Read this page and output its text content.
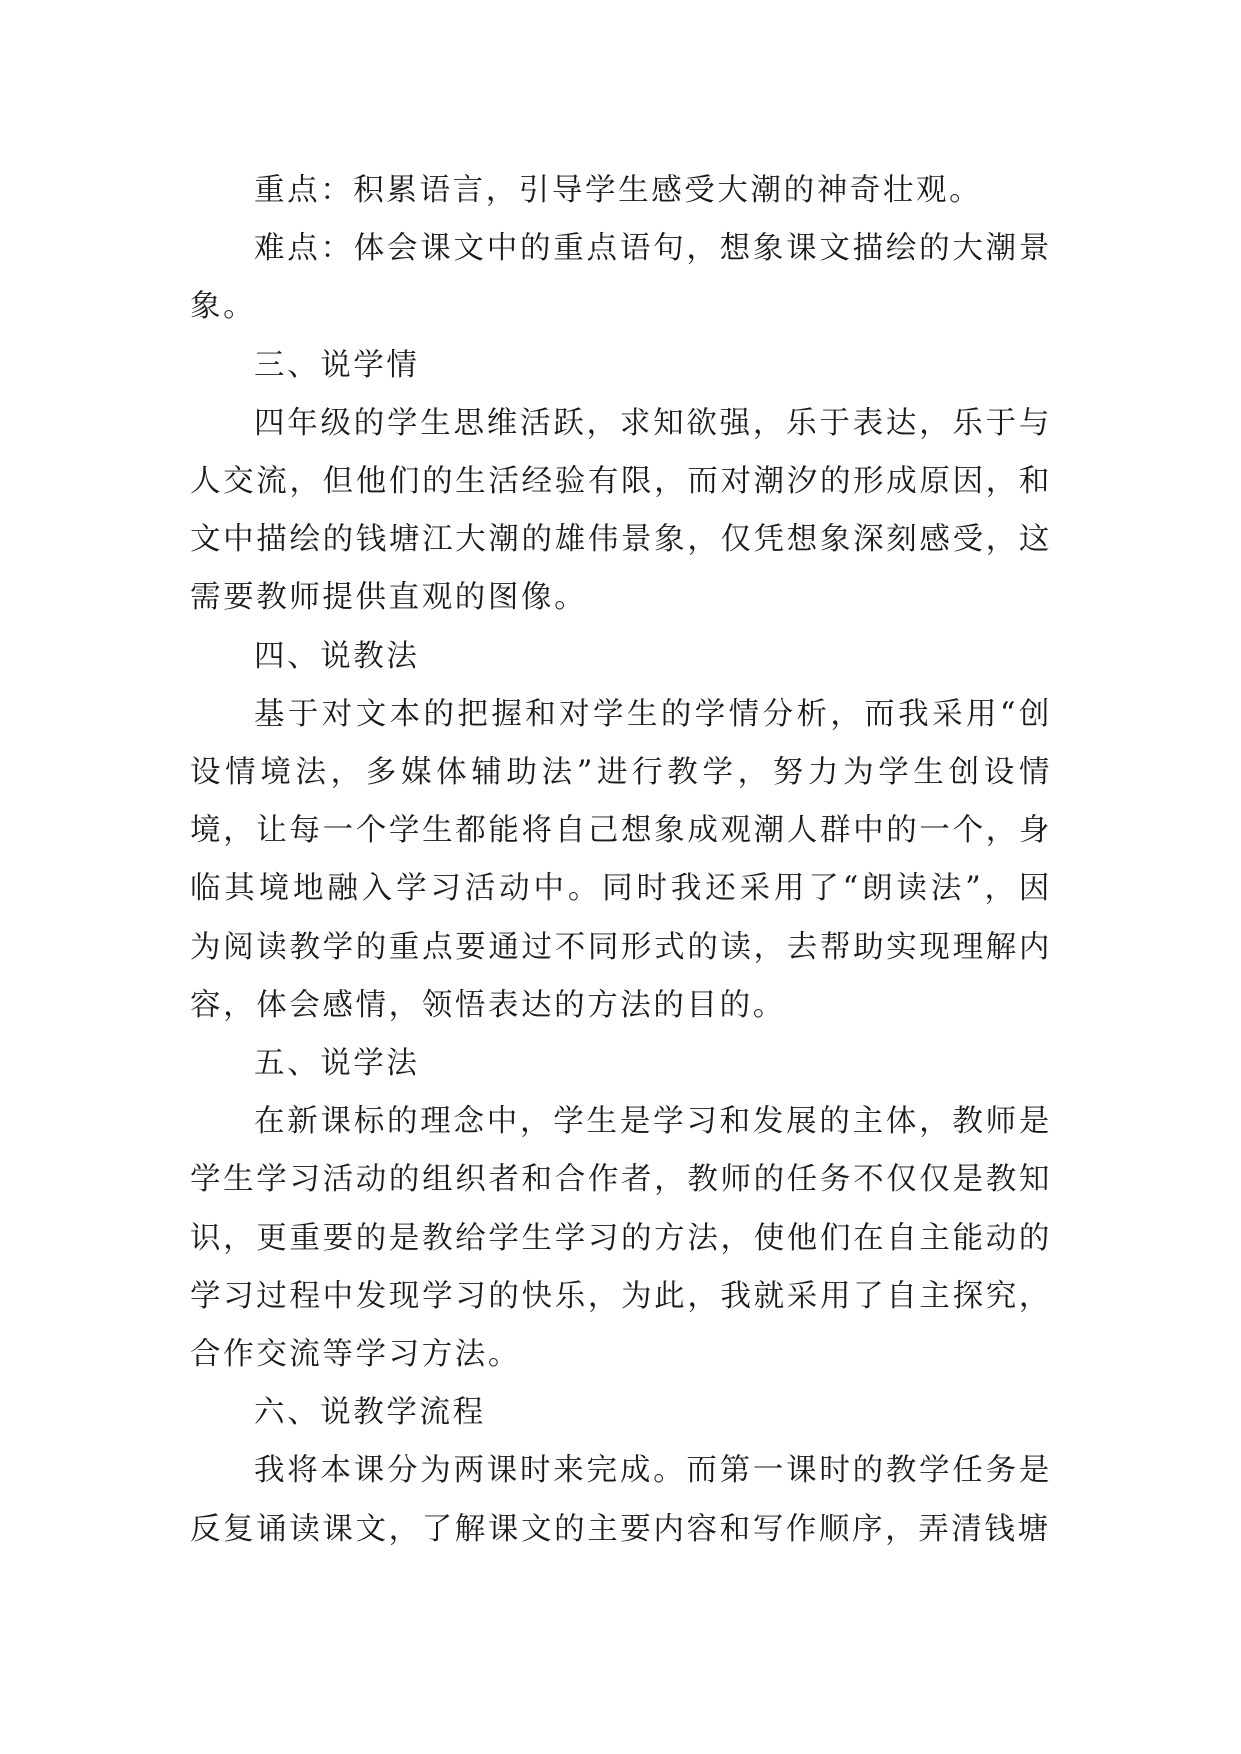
重点：积累语言，引导学生感受大潮的神奇壮观。

难点：体会课文中的重点语句，想象课文描绘的大潮景象。

三、说学情

四年级的学生思维活跃，求知欲强，乐于表达，乐于与人交流，但他们的生活经验有限，而对潮汐的形成原因，和文中描绘的钱塘江大潮的雄伟景象，仅凭想象深刻感受，这需要教师提供直观的图像。

四、说教法

基于对文本的把握和对学生的学情分析，而我采用“创设情境法，多媒体辅助法”进行教学，努力为学生创设情境，让每一个学生都能将自己想象成观潮人群中的一个，身临其境地融入学习活动中。同时我还采用了“朗读法”，因为阅读教学的重点要通过不同形式的读，去帮助实现理解内容，体会感情，领悟表达的方法的目的。

五、说学法

在新课标的理念中，学生是学习和发展的主体，教师是学生学习活动的组织者和合作者，教师的任务不仅仅是教知识，更重要的是教给学生学习的方法，使他们在自主能动的学习过程中发现学习的快乐，为此，我就采用了自主探究，合作交流等学习方法。

六、说教学流程

我将本课分为两课时来完成。而第一课时的教学任务是反复诵读课文，了解课文的主要内容和写作顺序，弄清钱塘
